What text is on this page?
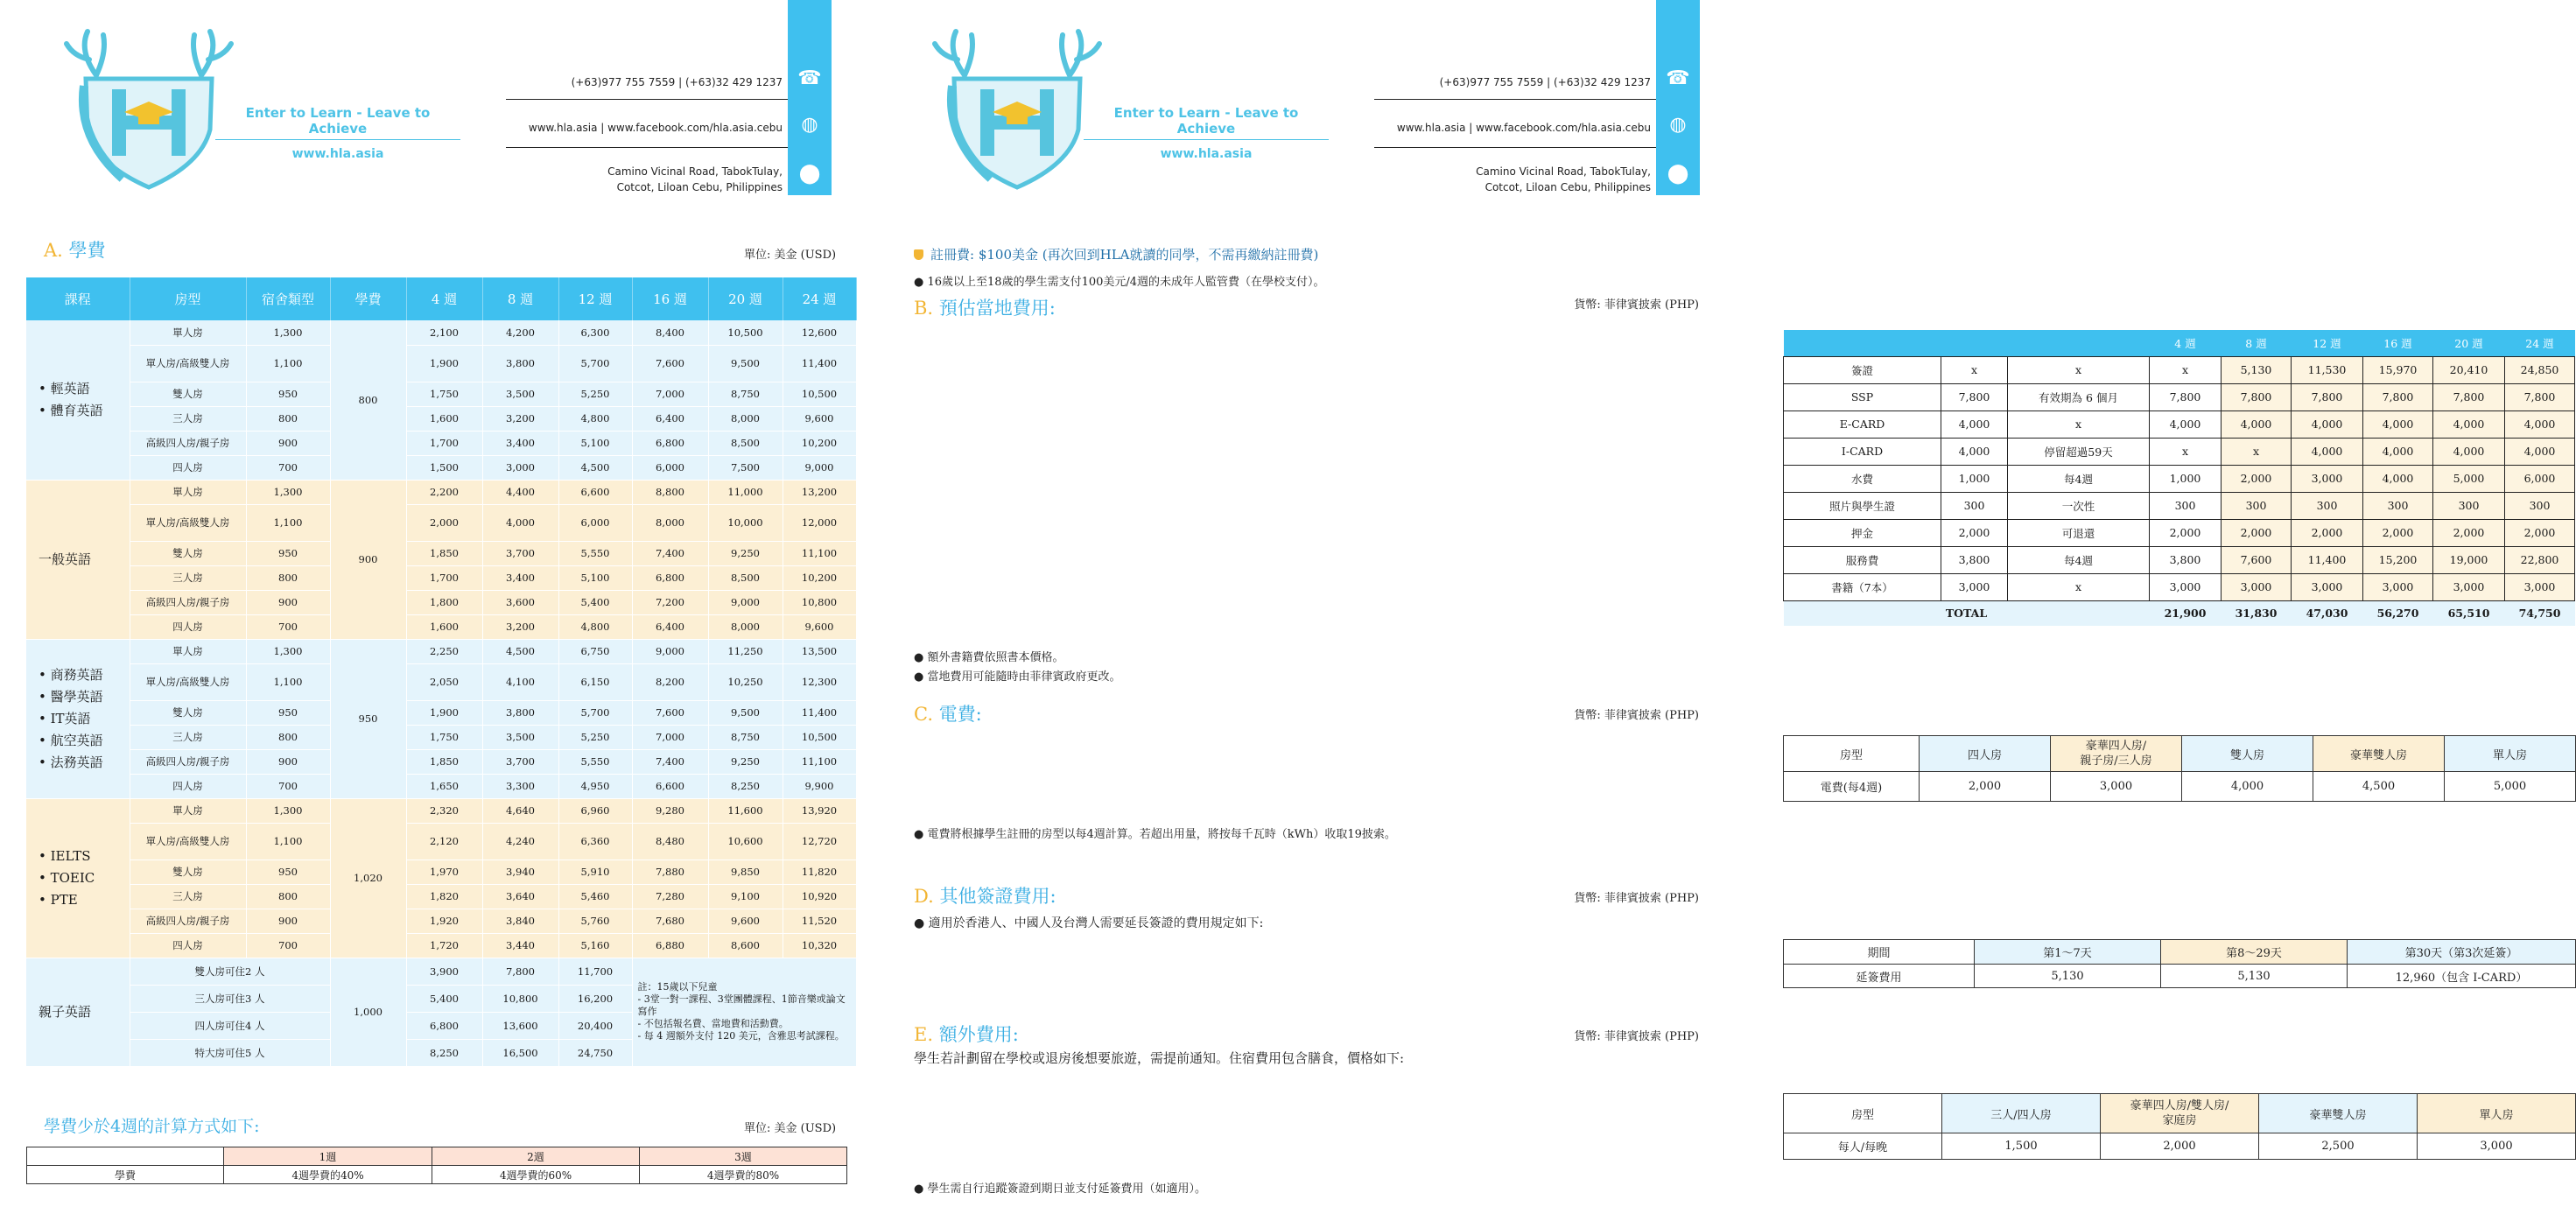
Enter to Learn - Leave to Achieve
www.hla.asia
(+63)977 755 7559 | (+63)32 429 1237
www.hla.asia | www.facebook.com/hla.asia.cebu
Camino Vicinal Road, TabokTulay,
Cotcot, Liloan Cebu, Philippines
☎
◍
⬤
A. 學費	單位: 美金 (USD)
課程	房型	宿舍類型	學費	4 週	8 週	12 週	16 週	20 週	24 週

• 輕英語
• 體育英語	單人房	1,300	800	2,100	4,200	6,300	8,400	10,500	12,600
	單人房/高級雙人房	1,100		1,900	3,800	5,700	7,600	9,500	11,400
	雙人房	950		1,750	3,500	5,250	7,000	8,750	10,500
	三人房	800		1,600	3,200	4,800	6,400	8,000	9,600
	高級四人房/親子房	900		1,700	3,400	5,100	6,800	8,500	10,200
	四人房	700		1,500	3,000	4,500	6,000	7,500	9,000

一般英語	單人房	1,300	900	2,200	4,400	6,600	8,800	11,000	13,200
	單人房/高級雙人房	1,100		2,000	4,000	6,000	8,000	10,000	12,000
	雙人房	950		1,850	3,700	5,550	7,400	9,250	11,100
	三人房	800		1,700	3,400	5,100	6,800	8,500	10,200
	高級四人房/親子房	900		1,800	3,600	5,400	7,200	9,000	10,800
	四人房	700		1,600	3,200	4,800	6,400	8,000	9,600

• 商務英語
• 醫學英語
• IT英語
• 航空英語
• 法務英語	單人房	1,300	950	2,250	4,500	6,750	9,000	11,250	13,500
	單人房/高級雙人房	1,100		2,050	4,100	6,150	8,200	10,250	12,300
	雙人房	950		1,900	3,800	5,700	7,600	9,500	11,400
	三人房	800		1,750	3,500	5,250	7,000	8,750	10,500
	高級四人房/親子房	900		1,850	3,700	5,550	7,400	9,250	11,100
	四人房	700		1,650	3,300	4,950	6,600	8,250	9,900

• IELTS
• TOEIC
• PTE	單人房	1,300	1,020	2,320	4,640	6,960	9,280	11,600	13,920
	單人房/高級雙人房	1,100		2,120	4,240	6,360	8,480	10,600	12,720
	雙人房	950		1,970	3,940	5,910	7,880	9,850	11,820
	三人房	800		1,820	3,640	5,460	7,280	9,100	10,920
	高級四人房/親子房	900		1,920	3,840	5,760	7,680	9,600	11,520
	四人房	700		1,720	3,440	5,160	6,880	8,600	10,320

親子英語	雙人房可住2 人		1,000	3,900	7,800	11,700	註：15歲以下兒童
- 3堂一對一課程、3堂團體課程、1節音樂或論文寫作
- 不包括報名費、當地費和活動費。
- 每 4 週額外支付 120 美元，含雅思考試課程。		
	三人房可住3 人			5,400	10,800	16,200			
	四人房可住4 人			6,800	13,600	20,400			
	特大房可住5 人			8,250	16,500	24,750			
學費少於4週的計算方式如下:	單位: 美金 (USD)
	1週	2週	3週
學費	4週學費的40%	4週學費的60%	4週學費的80%
Enter to Learn - Leave to Achieve
www.hla.asia
(+63)977 755 7559 | (+63)32 429 1237
www.hla.asia | www.facebook.com/hla.asia.cebu
Camino Vicinal Road, TabokTulay,
Cotcot, Liloan Cebu, Philippines
☎
◍
⬤
註冊費: $100美金 (再次回到HLA就讀的同學，不需再繳納註冊費)
● 16歲以上至18歲的學生需支付100美元/4週的未成年人監管費（在學校支付）。
B. 預估當地費用:	貨幣: 菲律賓披索 (PHP)
			4 週	8 週	12 週	16 週	20 週	24 週
簽證	x	x	x	5,130	11,530	15,970	20,410	24,850
SSP	7,800	有效期為 6 個月	7,800	7,800	7,800	7,800	7,800	7,800
E-CARD	4,000	x	4,000	4,000	4,000	4,000	4,000	4,000
I-CARD	4,000	停留超過59天	x	x	4,000	4,000	4,000	4,000
水費	1,000	每4週	1,000	2,000	3,000	4,000	5,000	6,000
照片與學生證	300	一次性	300	300	300	300	300	300
押金	2,000	可退還	2,000	2,000	2,000	2,000	2,000	2,000
服務費	3,800	每4週	3,800	7,600	11,400	15,200	19,000	22,800
書籍（7本）	3,000	x	3,000	3,000	3,000	3,000	3,000	3,000
TOTAL			21,900	31,830	47,030	56,270	65,510	74,750
● 額外書籍費依照書本價格。
● 當地費用可能隨時由菲律賓政府更改。
C. 電費:	貨幣: 菲律賓披索 (PHP)
房型	四人房	豪華四人房/
親子房/三人房	雙人房	豪華雙人房	單人房
電費(每4週)	2,000	3,000	4,000	4,500	5,000
● 電費將根據學生註冊的房型以每4週計算。若超出用量，將按每千瓦時（kWh）收取19披索。
D. 其他簽證費用:	貨幣: 菲律賓披索 (PHP)
● 適用於香港人、中國人及台灣人需要延長簽證的費用規定如下:
期間	第1～7天	第8～29天	第30天（第3次延簽）
延簽費用	5,130	5,130	12,960（包含 I-CARD）
E. 額外費用:	貨幣: 菲律賓披索 (PHP)
學生若計劃留在學校或退房後想要旅遊，需提前通知。住宿費用包含膳食，價格如下:
房型	三人/四人房	豪華四人房/雙人房/
家庭房	豪華雙人房	單人房
每人/每晚	1,500	2,000	2,500	3,000
● 學生需自行追蹤簽證到期日並支付延簽費用（如適用）。
